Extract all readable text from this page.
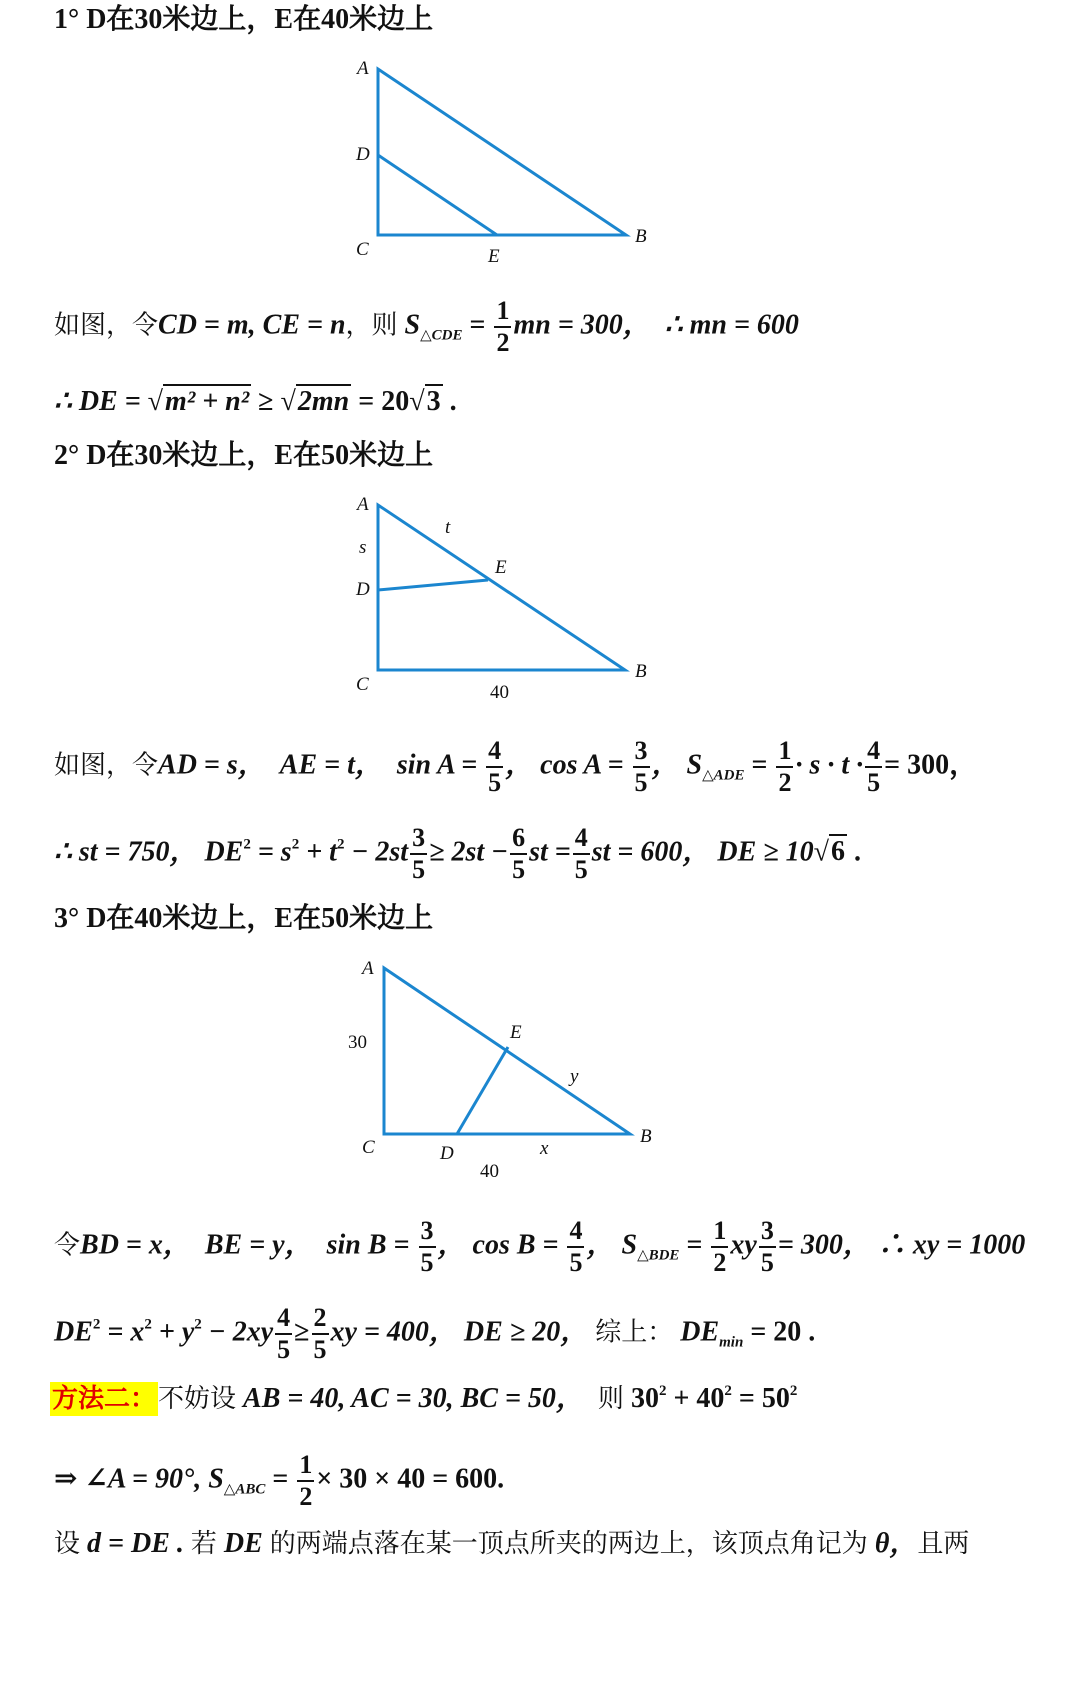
1° D在30米边上，E在40米边上
A
D
C	E
B
如图，令CD = m, CE = n，则 $S_{\triangle CDE} = \frac{1}{2}$ mn = 300， ∴ mn = 600
∴ DE = √m² + n² ≥ √2mn = 20√3 .
2° D在30米边上，E在50米边上
A
s
t
D
E
C
B
40
如图，令AD = s， AE = t， $\sin A = \frac{4}{5}$ ， $\cos A = \frac{3}{5}$ ， $S_{\triangle ADE} = \frac{1}{2} \cdot s \cdot t \cdot \frac{4}{5} = 300$，
∴ st = 750， $DE^2 = s^2 + t^2 - 2st \frac{3}{5} \ge 2st - \frac{6}{5}$ st = $\frac{4}{5}$ st = 600， DE ≥ 10√6 .
3° D在40米边上，E在50米边上
A
30	E
y
C	D	x
B
40
令BD = x， BE = y， $\sin B = \frac{3}{5}$ ， $\cos B = \frac{4}{5}$ ， $S_{\triangle BDE} = \frac{1}{2}$ xy $\frac{3}{5} = 300$， ∴ xy = 1000
$DE^2 = x^2 + y^2 - 2xy \frac{4}{5} \ge \frac{2}{5}$ xy = 400， DE ≥ 20， 综上： $DE_{min} = 20$ .
方法二：不妨设 AB = 40, AC = 30, BC = 50， 则 $30^2 + 40^2 = 50^2$
⇒ ∠A = 90°, $S_{\triangle ABC} = \frac{1}{2} \times 30 \times 40 = 600$.
设 d = DE . 若 DE 的两端点落在某一顶点所夹的两边上，该顶点角记为 θ，且两
